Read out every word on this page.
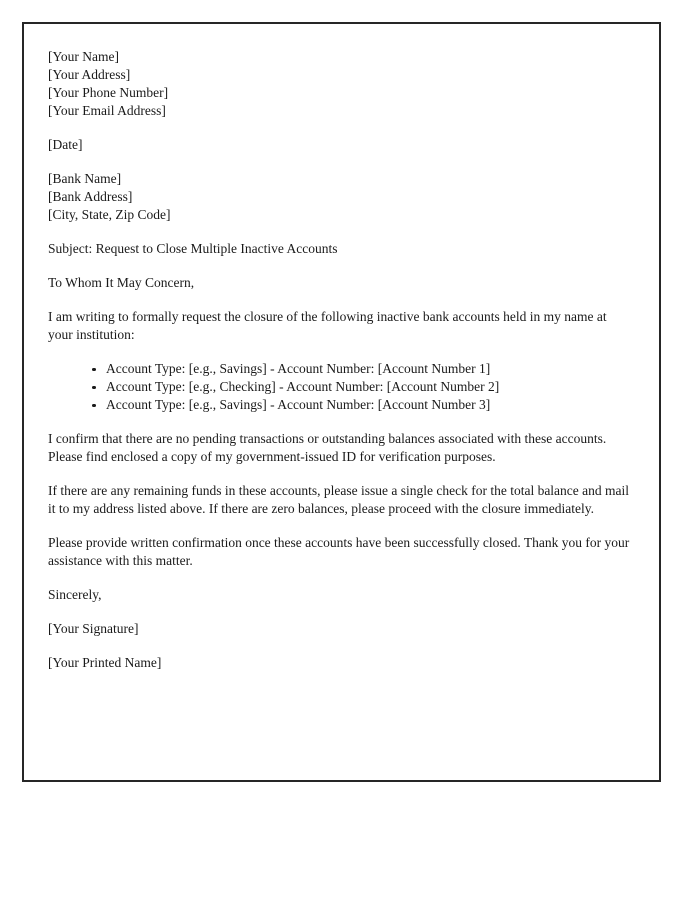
[Your Name]
[Your Address]
[Your Phone Number]
[Your Email Address]
[Date]
[Bank Name]
[Bank Address]
[City, State, Zip Code]
Subject: Request to Close Multiple Inactive Accounts
To Whom It May Concern,

I am writing to formally request the closure of the following inactive bank accounts held in my name at your institution:

Account Type: [e.g., Savings] - Account Number: [Account Number 1]
Account Type: [e.g., Checking] - Account Number: [Account Number 2]
Account Type: [e.g., Savings] - Account Number: [Account Number 3]

I confirm that there are no pending transactions or outstanding balances associated with these accounts. Please find enclosed a copy of my government-issued ID for verification purposes.

If there are any remaining funds in these accounts, please issue a single check for the total balance and mail it to my address listed above. If there are zero balances, please proceed with the closure immediately.

Please provide written confirmation once these accounts have been successfully closed. Thank you for your assistance with this matter.

Sincerely,
[Your Signature]
[Your Printed Name]
